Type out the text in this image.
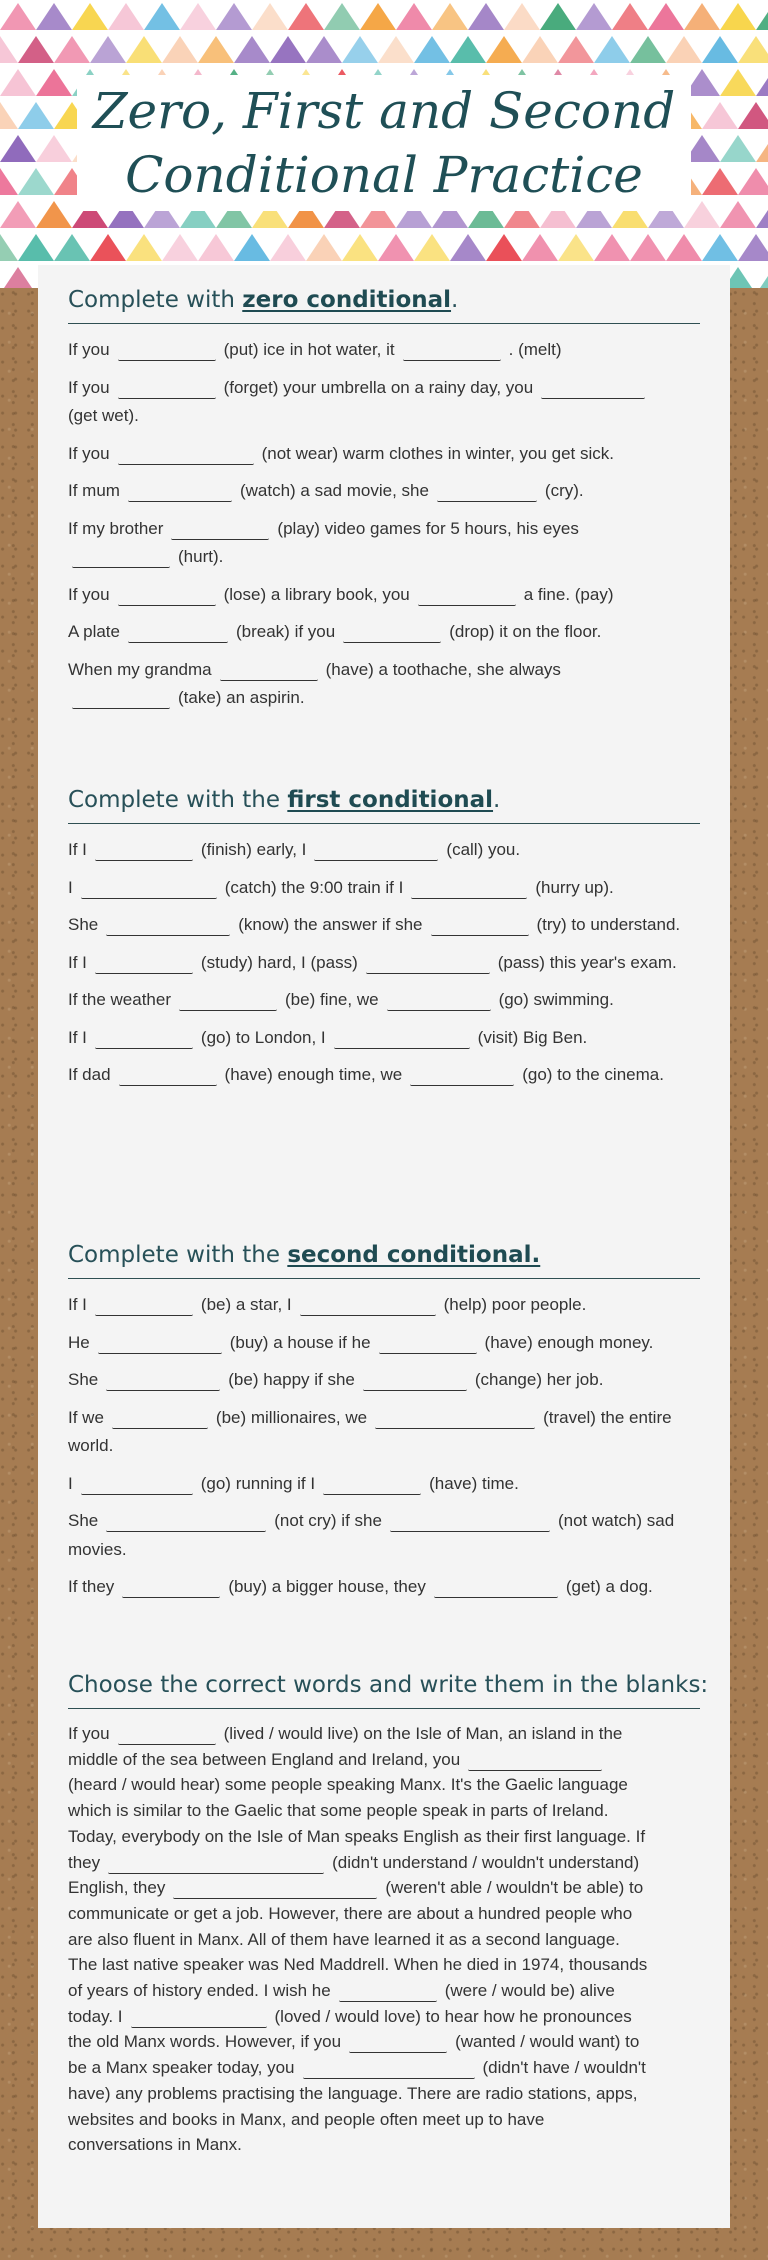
Zero, First and Second
Conditional Practice
Complete with zero conditional.
If you	(put) ice in hot water, it	. (melt)
If you	(forget) your umbrella on a rainy day, you
(get wet).
If you	(not wear) warm clothes in winter, you get sick.
If mum	(watch) a sad movie, she	(cry).
If my brother	(play) video games for 5 hours, his eyes
(hurt).
If you	(lose) a library book, you	a fine. (pay)
A plate	(break) if you	(drop) it on the floor.
When my grandma	(have) a toothache, she always
(take) an aspirin.
Complete with the first conditional.
If I	(finish) early, I	(call) you.
I	(catch) the 9:00 train if I	(hurry up).
She	(know) the answer if she	(try) to understand.
If I	(study) hard, I (pass)	(pass) this year's exam.
If the weather	(be) fine, we	(go) swimming.
If I	(go) to London, I	(visit) Big Ben.
If dad	(have) enough time, we	(go) to the cinema.
Complete with the second conditional.
If I	(be) a star, I	(help) poor people.
He	(buy) a house if he	(have) enough money.
She	(be) happy if she	(change) her job.
If we	(be) millionaires, we	(travel) the entire world.
I	(go) running if I	(have) time.
She	(not cry) if she	(not watch) sad movies.
If they	(buy) a bigger house, they	(get) a dog.
Choose the correct words and write them in the blanks:
If you	(lived / would live) on the Isle of Man, an island in the
middle of the sea between England and Ireland, you
(heard / would hear) some people speaking Manx. It's the Gaelic language
which is similar to the Gaelic that some people speak in parts of Ireland.
Today, everybody on the Isle of Man speaks English as their first language. If
they	(didn't understand / wouldn't understand)
English, they	(weren't able / wouldn't be able) to
communicate or get a job. However, there are about a hundred people who
are also fluent in Manx. All of them have learned it as a second language.
The last native speaker was Ned Maddrell. When he died in 1974, thousands
of years of history ended. I wish he	(were / would be) alive
today. I	(loved / would love) to hear how he pronounces
the old Manx words. However, if you	(wanted / would want) to
be a Manx speaker today, you	(didn't have / wouldn't
have) any problems practising the language. There are radio stations, apps,
websites and books in Manx, and people often meet up to have
conversations in Manx.
